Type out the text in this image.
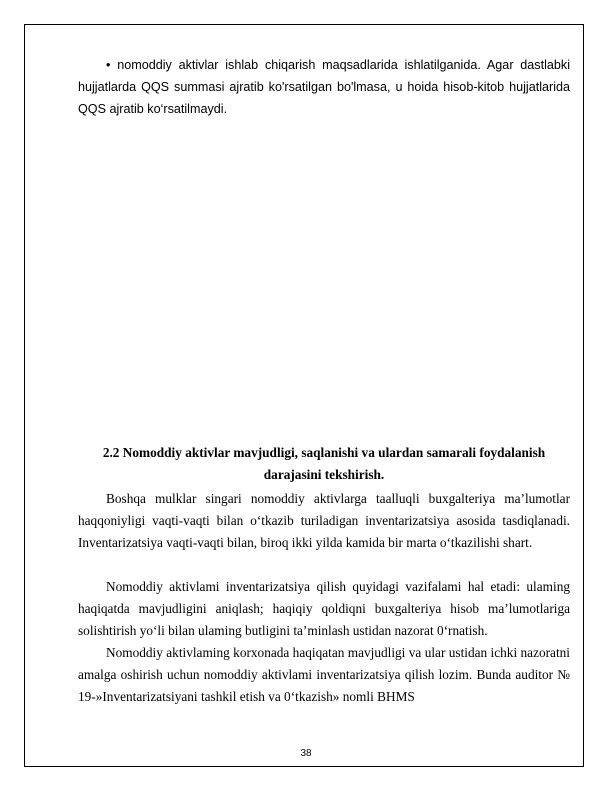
• nomoddiy aktivlar ishlab chiqarish maqsadlarida ishlatilganida. Agar dastlabki hujjatlarda QQS summasi ajratib ko'rsatilgan bo'lmasa, u hoida hisob-kitob hujjatlarida QQS ajratib ko‘rsatilmaydi.
2.2 Nomoddiy aktivlar mavjudligi, saqlanishi va ulardan samarali foydalanish darajasini tekshirish.
Boshqa mulklar singari nomoddiy aktivlarga taalluqli buxgalteriya ma’lumotlar haqqoniyligi vaqti-vaqti bilan o‘tkazib turiladigan inventarizatsiya asosida tasdiqlanadi. Inventarizatsiya vaqti-vaqti bilan, biroq ikki yilda kamida bir marta o‘tkazilishi shart.
Nomoddiy aktivlami inventarizatsiya qilish quyidagi vazifalami hal etadi: ulaming haqiqatda mavjudligini aniqlash; haqiqiy qoldiqni buxgalteriya hisob ma’lumotlariga solishtirish yo‘li bilan ulaming butligini ta’minlash ustidan nazorat 0‘rnatish.
Nomoddiy aktivlaming korxonada haqiqatan mavjudligi va ular ustidan ichki nazoratni amalga oshirish uchun nomoddiy aktivlami inventarizatsiya qilish lozim. Bunda auditor № 19-»Inventarizatsiyani tashkil etish va 0‘tkazish» nomli BHMS
38
